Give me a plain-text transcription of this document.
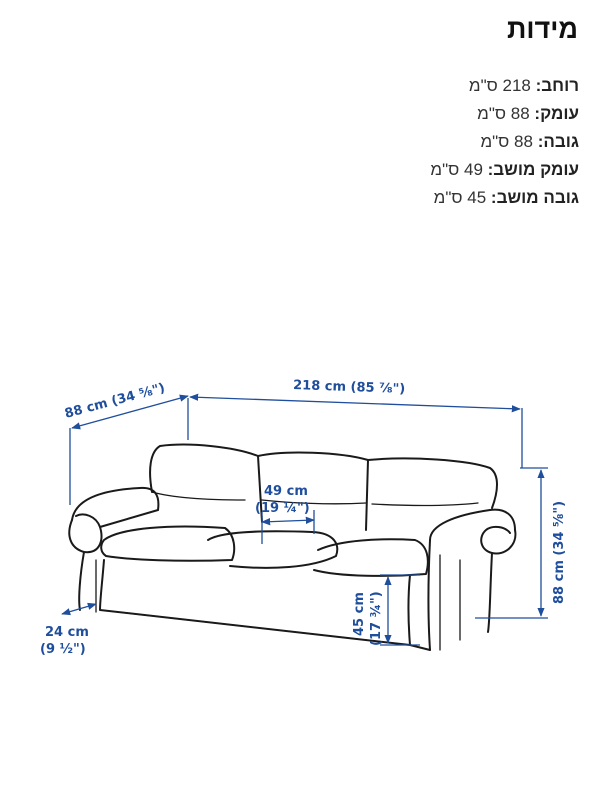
מידות
רוחב: 218 ס"מ
עומק: 88 ס"מ
גובה: 88 ס"מ
עומק מושב: 49 ס"מ
גובה מושב: 45 ס"מ
218 cm (85 ⅞")
88 cm (34 ⅝")
88 cm (34 ⅝")
49 cm
(19 ¼")
45 cm (17 ¾")
24 cm
(9 ½")
